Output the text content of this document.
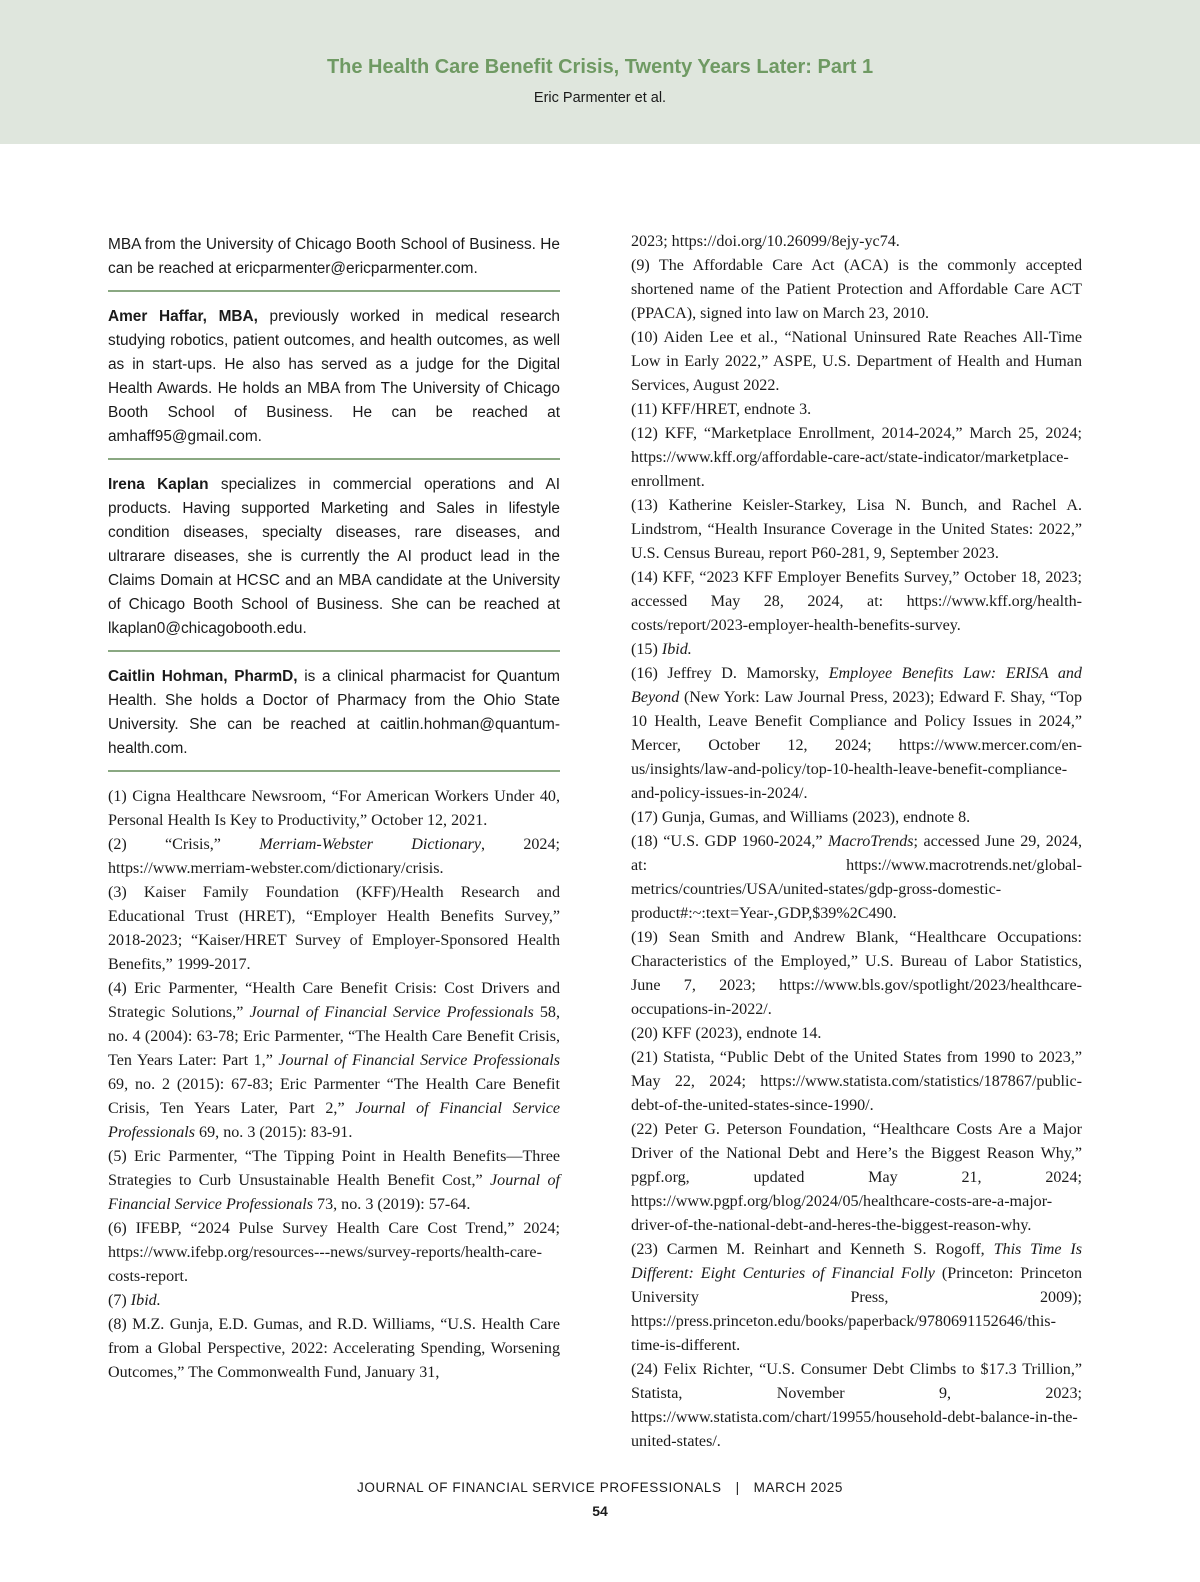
The Health Care Benefit Crisis, Twenty Years Later: Part 1
Eric Parmenter et al.
MBA from the University of Chicago Booth School of Business. He can be reached at ericparmenter@ericparmenter.com.
Amer Haffar, MBA, previously worked in medical research studying robotics, patient outcomes, and health outcomes, as well as in start-ups. He also has served as a judge for the Digital Health Awards. He holds an MBA from The University of Chicago Booth School of Business. He can be reached at amhaff95@gmail.com.
Irena Kaplan specializes in commercial operations and AI products. Having supported Marketing and Sales in lifestyle condition diseases, specialty diseases, rare diseases, and ultrarare diseases, she is currently the AI product lead in the Claims Domain at HCSC and an MBA candidate at the University of Chicago Booth School of Business. She can be reached at lkaplan0@chicagobooth.edu.
Caitlin Hohman, PharmD, is a clinical pharmacist for Quantum Health. She holds a Doctor of Pharmacy from the Ohio State University. She can be reached at caitlin.hohman@quantum-health.com.

(1) Cigna Healthcare Newsroom, “For American Workers Under 40, Personal Health Is Key to Productivity,” October 12, 2021.

(2) “Crisis,” Merriam-Webster Dictionary, 2024; https://www.merriam-webster.com/dictionary/crisis.

(3) Kaiser Family Foundation (KFF)/Health Research and Educational Trust (HRET), “Employer Health Benefits Survey,” 2018-2023; “Kaiser/HRET Survey of Employer-Sponsored Health Benefits,” 1999-2017.

(4) Eric Parmenter, “Health Care Benefit Crisis: Cost Drivers and Strategic Solutions,” Journal of Financial Service Professionals 58, no. 4 (2004): 63-78; Eric Parmenter, “The Health Care Benefit Crisis, Ten Years Later: Part 1,” Journal of Financial Service Professionals 69, no. 2 (2015): 67-83; Eric Parmenter “The Health Care Benefit Crisis, Ten Years Later, Part 2,” Journal of Financial Service Professionals 69, no. 3 (2015): 83-91.

(5) Eric Parmenter, “The Tipping Point in Health Benefits—Three Strategies to Curb Unsustainable Health Benefit Cost,” Journal of Financial Service Professionals 73, no. 3 (2019): 57-64.

(6) IFEBP, “2024 Pulse Survey Health Care Cost Trend,” 2024; https://www.ifebp.org/resources---news/survey-reports/health-care-costs-report.

(7) Ibid.

(8) M.Z. Gunja, E.D. Gumas, and R.D. Williams, “U.S. Health Care from a Global Perspective, 2022: Accelerating Spending, Worsening Outcomes,” The Commonwealth Fund, January 31,

2023; https://doi.org/10.26099/8ejy-yc74.

(9) The Affordable Care Act (ACA) is the commonly accepted shortened name of the Patient Protection and Affordable Care ACT (PPACA), signed into law on March 23, 2010.

(10) Aiden Lee et al., “National Uninsured Rate Reaches All-Time Low in Early 2022,” ASPE, U.S. Department of Health and Human Services, August 2022.

(11) KFF/HRET, endnote 3.

(12) KFF, “Marketplace Enrollment, 2014-2024,” March 25, 2024; https://www.kff.org/affordable-care-act/state-indicator/marketplace-enrollment.

(13) Katherine Keisler-Starkey, Lisa N. Bunch, and Rachel A. Lindstrom, “Health Insurance Coverage in the United States: 2022,” U.S. Census Bureau, report P60-281, 9, September 2023.

(14) KFF, “2023 KFF Employer Benefits Survey,” October 18, 2023; accessed May 28, 2024, at: https://www.kff.org/health-costs/report/2023-employer-health-benefits-survey.

(15) Ibid.

(16) Jeffrey D. Mamorsky, Employee Benefits Law: ERISA and Beyond (New York: Law Journal Press, 2023); Edward F. Shay, “Top 10 Health, Leave Benefit Compliance and Policy Issues in 2024,” Mercer, October 12, 2024; https://www.mercer.com/en-us/insights/law-and-policy/top-10-health-leave-benefit-compliance-and-policy-issues-in-2024/.

(17) Gunja, Gumas, and Williams (2023), endnote 8.

(18) “U.S. GDP 1960-2024,” MacroTrends; accessed June 29, 2024, at: https://www.macrotrends.net/global-metrics/countries/USA/united-states/gdp-gross-domestic-product#:~:text=Year-,GDP,$39%2C490.

(19) Sean Smith and Andrew Blank, “Healthcare Occupations: Characteristics of the Employed,” U.S. Bureau of Labor Statistics, June 7, 2023; https://www.bls.gov/spotlight/2023/healthcare-occupations-in-2022/.

(20) KFF (2023), endnote 14.

(21) Statista, “Public Debt of the United States from 1990 to 2023,” May 22, 2024; https://www.statista.com/statistics/187867/public-debt-of-the-united-states-since-1990/.

(22) Peter G. Peterson Foundation, “Healthcare Costs Are a Major Driver of the National Debt and Here’s the Biggest Reason Why,” pgpf.org, updated May 21, 2024; https://www.pgpf.org/blog/2024/05/healthcare-costs-are-a-major-driver-of-the-national-debt-and-heres-the-biggest-reason-why.

(23) Carmen M. Reinhart and Kenneth S. Rogoff, This Time Is Different: Eight Centuries of Financial Folly (Princeton: Princeton University Press, 2009); https://press.princeton.edu/books/paperback/9780691152646/this-time-is-different.

(24) Felix Richter, “U.S. Consumer Debt Climbs to $17.3 Trillion,” Statista, November 9, 2023; https://www.statista.com/chart/19955/household-debt-balance-in-the-united-states/.

JOURNAL OF FINANCIAL SERVICE PROFESSIONALS | MARCH 2025
54
